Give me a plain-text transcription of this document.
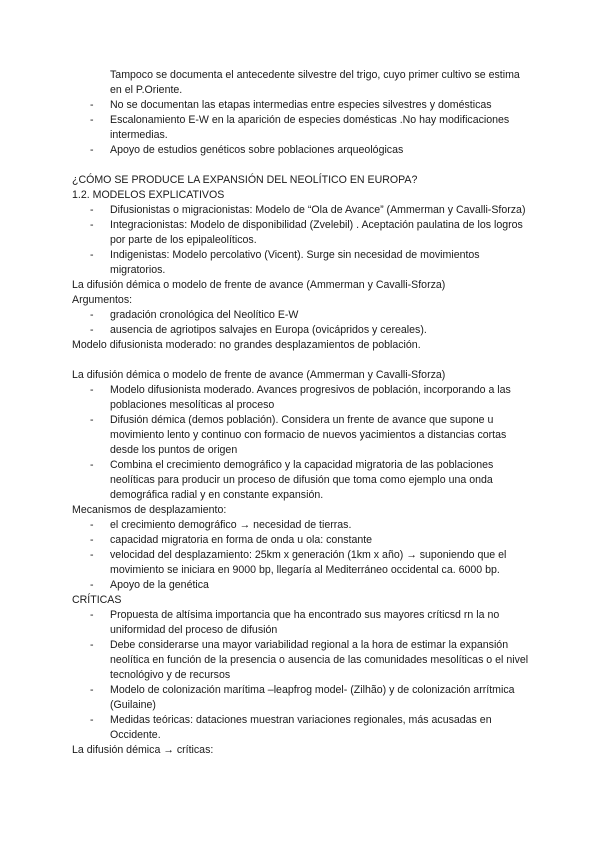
Tampoco se documenta el antecedente silvestre del trigo, cuyo primer cultivo se estima en el P.Oriente.

- No se documentan las etapas intermedias entre especies silvestres y domésticas
- Escalonamiento E-W en la aparición de especies domésticas .No hay modificaciones intermedias.
- Apoyo de estudios genéticos sobre poblaciones arqueológicas

¿CÓMO SE PRODUCE LA EXPANSIÓN DEL NEOLÍTICO EN EUROPA?

1.2. MODELOS EXPLICATIVOS

- Difusionistas o migracionistas: Modelo de “Ola de Avance” (Ammerman y Cavalli-Sforza)
- Integracionistas: Modelo de disponibilidad (Zvelebil) . Aceptación paulatina de los logros por parte de los epipaleolíticos.
- Indigenistas: Modelo percolativo (Vicent). Surge sin necesidad de movimientos migratorios.

La difusión démica o modelo de frente de avance (Ammerman y Cavalli-Sforza)

Argumentos:

- gradación cronológica del Neolítico E-W
- ausencia de agriotipos salvajes en Europa (ovicápridos y cereales).

Modelo difusionista moderado: no grandes desplazamientos de población.

La difusión démica o modelo de frente de avance (Ammerman y Cavalli-Sforza)

- Modelo difusionista moderado. Avances progresivos de población, incorporando a las poblaciones mesolíticas al proceso
- Difusión démica (demos población). Considera un frente de avance que supone u movimiento lento y continuo con formacio de nuevos yacimientos a distancias cortas desde los puntos de origen
- Combina el crecimiento demográfico y la capacidad migratoria de las poblaciones neolíticas para producir un proceso de difusión que toma como ejemplo una onda demográfica radial y en constante expansión.

Mecanismos de desplazamiento:

- el crecimiento demográfico → necesidad de tierras.
- capacidad migratoria en forma de onda u ola: constante
- velocidad del desplazamiento: 25km x generación (1km x año) → suponiendo que el movimiento se iniciara en 9000 bp, llegaría al Mediterráneo occidental ca. 6000 bp.
- Apoyo de la genética

CRÍTICAS

- Propuesta de altísima importancia que ha encontrado sus mayores críticsd rn la no uniformidad del proceso de difusión
- Debe considerarse una mayor variabilidad regional a la hora de estimar la expansión neolítica en función de la presencia o ausencia de las comunidades mesolíticas o el nivel tecnológivo y de recursos
- Modelo de colonización marítima –leapfrog model- (Zilhão) y de colonización arrítmica (Guilaine)
- Medidas teóricas: dataciones muestran variaciones regionales, más acusadas en Occidente.

La difusión démica → críticas:
